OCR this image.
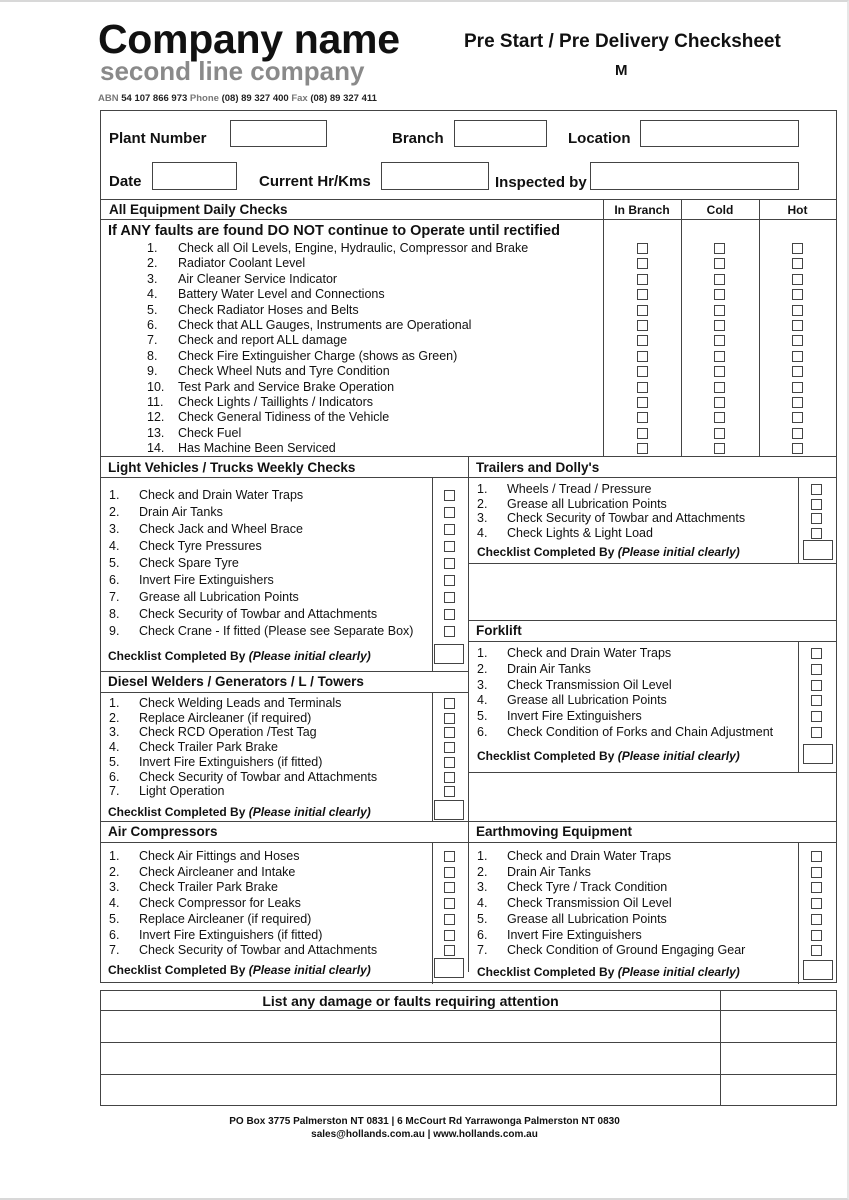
Company name
second line company
ABN 54 107 866 973 Phone (08) 89 327 400 Fax (08) 89 327 411
Pre Start / Pre Delivery Checksheet
M
Plant Number	Branch	Location
Date	Current Hr/Kms	Inspected by
All Equipment Daily Checks	In Branch	Cold	Hot
If ANY faults are found DO NOT continue to Operate until rectified
1. Check all Oil Levels, Engine, Hydraulic, Compressor and Brake
2. Radiator Coolant Level
3. Air Cleaner Service Indicator
4. Battery Water Level and Connections
5. Check Radiator Hoses and Belts
6. Check that ALL Gauges, Instruments are Operational
7. Check and report ALL damage
8. Check Fire Extinguisher Charge (shows as Green)
9. Check Wheel Nuts and Tyre Condition
10. Test Park and Service Brake Operation
11. Check Lights / Taillights / Indicators
12. Check General Tidiness of the Vehicle
13. Check Fuel
14. Has Machine Been Serviced
Light Vehicles / Trucks Weekly Checks	Trailers and Dolly's
Forklift
Diesel Welders / Generators / L / Towers
Air Compressors	Earthmoving Equipment
1. Check and Drain Water Traps
2. Drain Air Tanks
3. Check Jack and Wheel Brace
4. Check Tyre Pressures
5. Check Spare Tyre
6. Invert Fire Extinguishers
7. Grease all Lubrication Points
8. Check Security of Towbar and Attachments
9. Check Crane - If fitted (Please see Separate Box)
Checklist Completed By (Please initial clearly)
1. Wheels / Tread / Pressure
2. Grease all Lubrication Points
3. Check Security of Towbar and Attachments
4. Check Lights & Light Load
Checklist Completed By (Please initial clearly)
1. Check and Drain Water Traps
2. Drain Air Tanks
3. Check Transmission Oil Level
4. Grease all Lubrication Points
5. Invert Fire Extinguishers
6. Check Condition of Forks and Chain Adjustment
Checklist Completed By (Please initial clearly)
1. Check Welding Leads and Terminals
2. Replace Aircleaner (if required)
3. Check RCD Operation /Test Tag
4. Check Trailer Park Brake
5. Invert Fire Extinguishers (if fitted)
6. Check Security of Towbar and Attachments
7. Light Operation
Checklist Completed By (Please initial clearly)
1. Check Air Fittings and Hoses
2. Check Aircleaner and Intake
3. Check Trailer Park Brake
4. Check Compressor for Leaks
5. Replace Aircleaner (if required)
6. Invert Fire Extinguishers (if fitted)
7. Check Security of Towbar and Attachments
Checklist Completed By (Please initial clearly)
1. Check and Drain Water Traps
2. Drain Air Tanks
3. Check Tyre / Track Condition
4. Check Transmission Oil Level
5. Grease all Lubrication Points
6. Invert Fire Extinguishers
7. Check Condition of Ground Engaging Gear
Checklist Completed By (Please initial clearly)
List any damage or faults requiring attention
PO Box 3775 Palmerston NT 0831 | 6 McCourt Rd Yarrawonga Palmerston NT 0830
sales@hollands.com.au | www.hollands.com.au
